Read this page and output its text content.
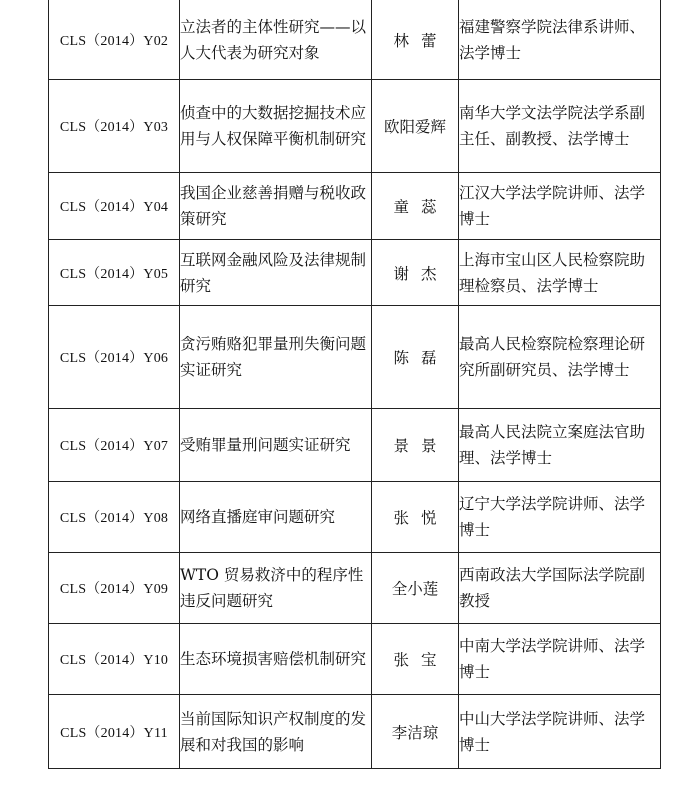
CLS（2014）Y02	立法者的主体性研究——以人大代表为研究对象	林蕾	福建警察学院法律系讲师、法学博士
CLS（2014）Y03	侦查中的大数据挖掘技术应用与人权保障平衡机制研究	欧阳爱辉	南华大学文法学院法学系副主任、副教授、法学博士
CLS（2014）Y04	我国企业慈善捐赠与税收政策研究	童蕊	江汉大学法学院讲师、法学博士
CLS（2014）Y05	互联网金融风险及法律规制研究	谢杰	上海市宝山区人民检察院助理检察员、法学博士
CLS（2014）Y06	贪污贿赂犯罪量刑失衡问题实证研究	陈磊	最高人民检察院检察理论研究所副研究员、法学博士
CLS（2014）Y07	受贿罪量刑问题实证研究	景景	最高人民法院立案庭法官助理、法学博士
CLS（2014）Y08	网络直播庭审问题研究	张悦	辽宁大学法学院讲师、法学博士
CLS（2014）Y09	WTO 贸易救济中的程序性违反问题研究	全小莲	西南政法大学国际法学院副教授
CLS（2014）Y10	生态环境损害赔偿机制研究	张宝	中南大学法学院讲师、法学博士
CLS（2014）Y11	当前国际知识产权制度的发展和对我国的影响	李洁琼	中山大学法学院讲师、法学博士
